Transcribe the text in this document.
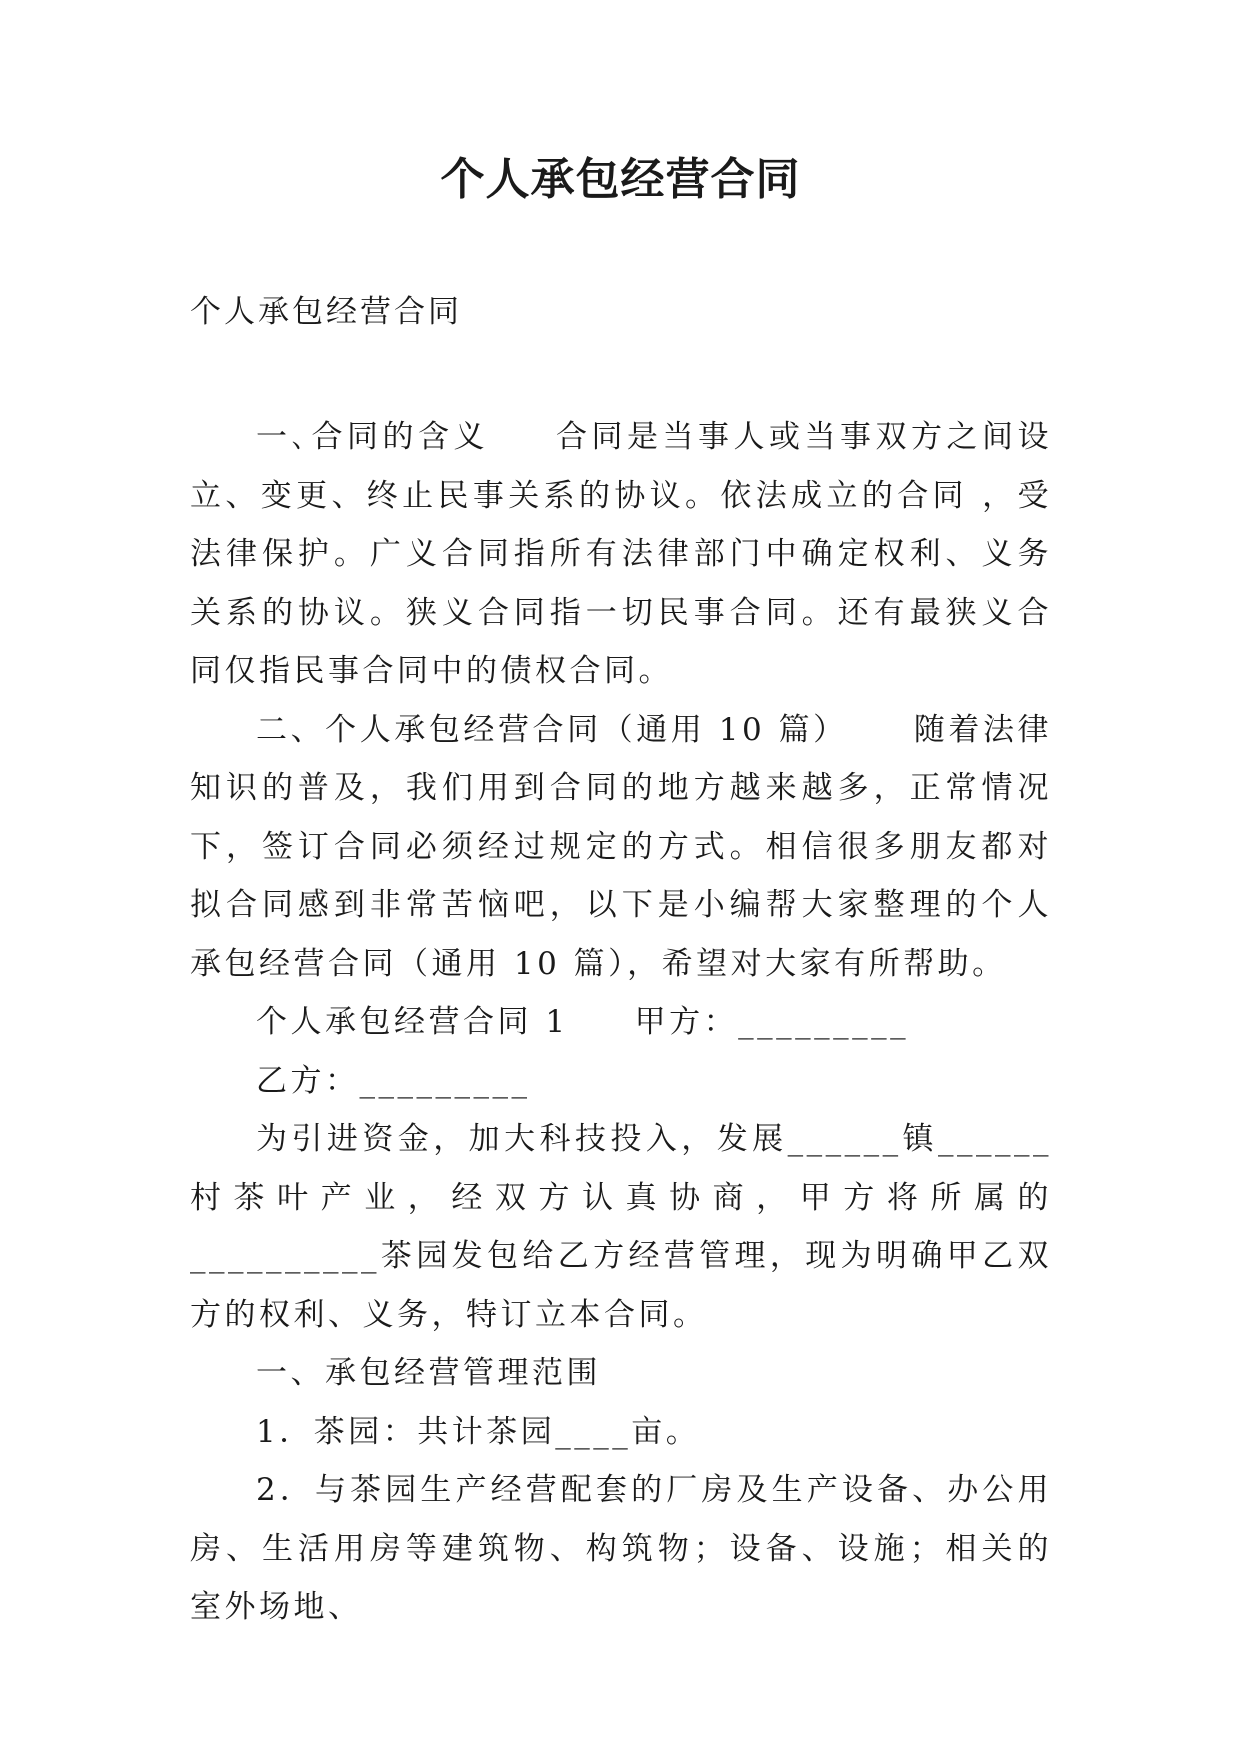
个人承包经营合同
个人承包经营合同

一､合同的含义 合同是当事人或当事双方之间设立、变更、终止民事关系的协议。依法成立的合同 ，受法律保护。广义合同指所有法律部门中确定权利、义务关系的协议。狭义合同指一切民事合同。还有最狭义合同仅指民事合同中的债权合同。

二、个人承包经营合同（通用 10 篇） 随着法律知识的普及，我们用到合同的地方越来越多，正常情况下，签订合同必须经过规定的方式。相信很多朋友都对拟合同感到非常苦恼吧，以下是小编帮大家整理的个人承包经营合同（通用 10 篇），希望对大家有所帮助。

个人承包经营合同 1 甲方：_________

乙方：_________

为引进资金，加大科技投入，发展______镇______村茶叶产业，经双方认真协商，甲方将所属的__________茶园发包给乙方经营管理，现为明确甲乙双方的权利、义务，特订立本合同。

一、承包经营管理范围

1．茶园：共计茶园____亩。

2．与茶园生产经营配套的厂房及生产设备、办公用房、生活用房等建筑物、构筑物；设备、设施；相关的室外场地、
